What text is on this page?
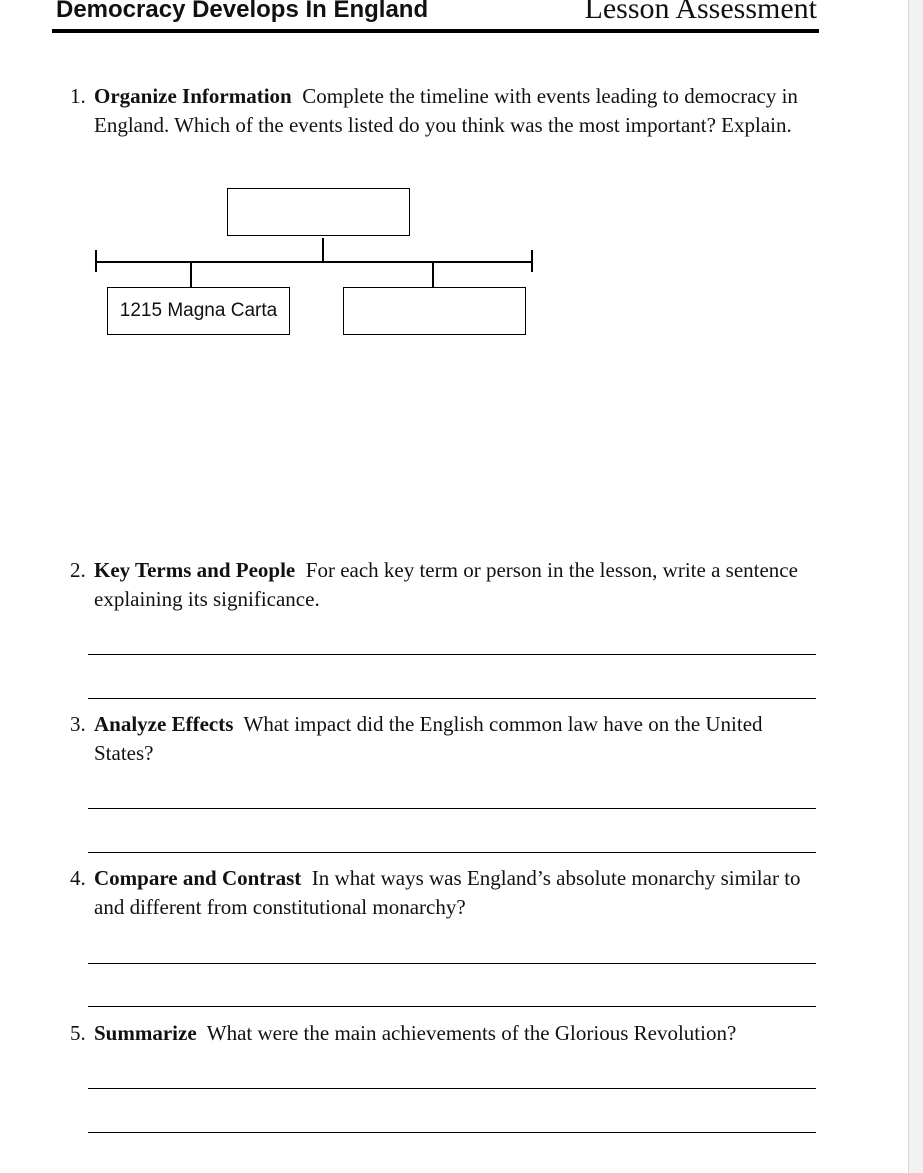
Democracy Develops In England	Lesson Assessment
1. Organize Information Complete the timeline with events leading to democracy in England. Which of the events listed do you think was the most important? Explain.
1215 Magna Carta
2. Key Terms and People For each key term or person in the lesson, write a sentence explaining its significance.
3. Analyze Effects What impact did the English common law have on the United States?
4. Compare and Contrast In what ways was England’s absolute monarchy similar to and different from constitutional monarchy?
5. Summarize What were the main achievements of the Glorious Revolution?
